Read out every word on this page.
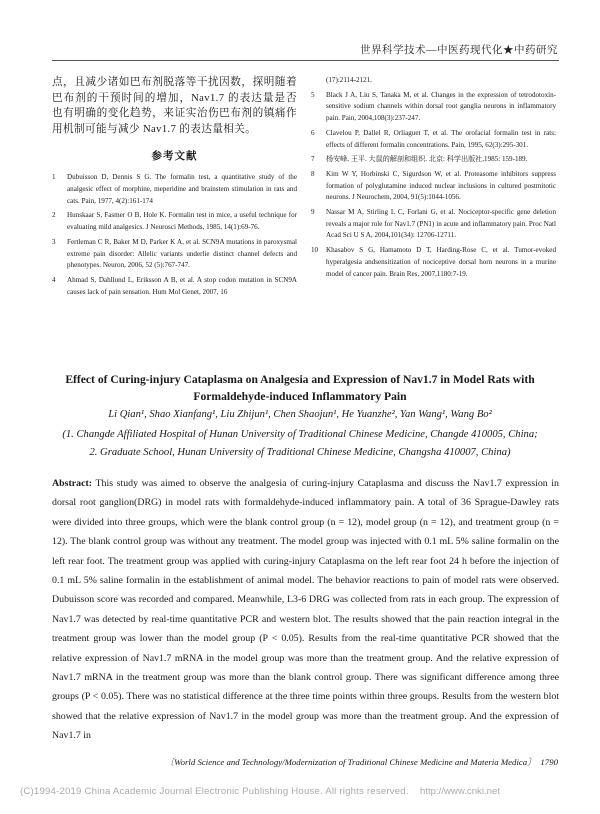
世界科学技术—中医药现代化★中药研究

点，且减少诸如巴布剂脱落等干扰因数，探明随着巴布剂的干预时间的增加，Nav1.7 的表达量是否也有明确的变化趋势，来证实治伤巴布剂的镇痛作用机制可能与减少 Nav1.7 的表达量相关。

参考文献
1	Dubuisson D, Dennis S G. The formalin test, a quantitative study of the analgesic effect of morphine, meperidine and brainstem stimulation in rats and cats. Pain, 1977, 4(2):161-174
2	Hunskaar S, Fasmer O B, Hole K. Formalin test in mice, a useful technique for evaluating mild analgesics. J Neurosci Methods, 1985, 14(1):69-76.
3	Fertleman C R, Baker M D, Parker K A, et al. SCN9A mutations in paroxysmal extreme pain disorder: Allelic variants underlie distinct channel defects and phenotypes. Neuron, 2006, 52 (5):767-747.
4	Ahmad S, Dahllund L, Eriksson A B, et al. A stop codon mutation in SCN9A causes lack of pain sensation. Hum Mol Genet, 2007, 16
(17):2114-2121.
5	Black J A, Liu S, Tanaka M, et al. Changes in the expression of tetrodotoxin-sensitive sodium channels within dorsal root ganglia neurons in inflammatory pain. Pain, 2004,108(3):237-247.
6	Clavelou P, Dallel R, Orliaguet T, et al. The orofacial formalin test in rats: effects of different formalin concentrations. Pain, 1995, 62(3):295-301.
7	杨安峰, 王平. 大鼠的解剖和组织. 北京: 科学出版社,1985: 159-189.
8	Kim W Y, Horbinski C, Sigurdson W, et al. Proteasome inhibitors suppress formation of polyglutamine induced nuclear inclusions in cultured postmitotic neurons. J Neurochem, 2004, 91(5):1044-1056.
9	Nassar M A, Stirling L C, Forlani G, et al. Nociceptor-specific gene deletion reveals a major role for Nav1.7 (PN1) in acute and inflammatory pain. Proc Natl Acad Sci U S A, 2004,101(34): 12706-12711.
10	Khasabov S G, Hamamoto D T, Harding-Rose C, et al. Tumor-evoked hyperalgesia andsensitization of nociceptive dorsal horn neurons in a murine model of cancer pain. Brain Res, 2007,1180:7-19.
Effect of Curing-injury Cataplasma on Analgesia and Expression of Nav1.7 in Model Rats with
Formaldehyde-induced Inflammatory Pain
Li Qian¹, Shao Xianfang¹, Liu Zhijun¹, Chen Shaojun¹, He Yuanzhe², Yan Wang¹, Wang Bo²
(1. Changde Affiliated Hospital of Hunan University of Traditional Chinese Medicine, Changde 410005, China;
2. Graduate School, Hunan University of Traditional Chinese Medicine, Changsha 410007, China)

Abstract: This study was aimed to observe the analgesia of curing-injury Cataplasma and discuss the Nav1.7 expression in dorsal root ganglion(DRG) in model rats with formaldehyde-induced inflammatory pain. A total of 36 Sprague-Dawley rats were divided into three groups, which were the blank control group (n = 12), model group (n = 12), and treatment group (n = 12). The blank control group was without any treatment. The model group was injected with 0.1 mL 5% saline formalin on the left rear foot. The treatment group was applied with curing-injury Cataplasma on the left rear foot 24 h before the injection of 0.1 mL 5% saline formalin in the establishment of animal model. The behavior reactions to pain of model rats were observed. Dubuisson score was recorded and compared. Meanwhile, L3-6 DRG was collected from rats in each group. The expression of Nav1.7 was detected by real-time quantitative PCR and western blot. The results showed that the pain reaction integral in the treatment group was lower than the model group (P < 0.05). Results from the real-time quantitative PCR showed that the relative expression of Nav1.7 mRNA in the model group was more than the treatment group. And the relative expression of Nav1.7 mRNA in the treatment group was more than the blank control group. There was significant difference among three groups (P < 0.05). There was no statistical difference at the three time points within three groups. Results from the western blot showed that the relative expression of Nav1.7 in the model group was more than the treatment group. And the expression of Nav1.7 in

〔World Science and Technology/Modernization of Traditional Chinese Medicine and Materia Medica〕 1790
(C)1994-2019 China Academic Journal Electronic Publishing House. All rights reserved. http://www.cnki.net
